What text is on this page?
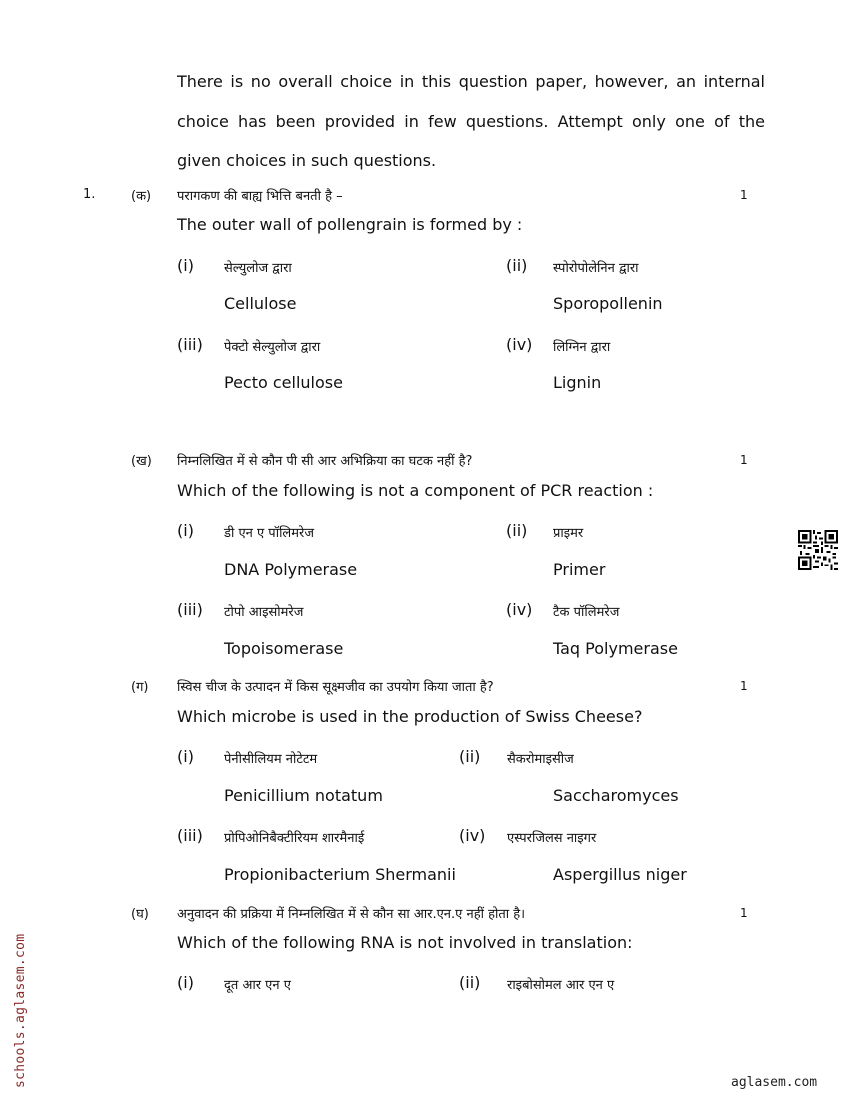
There is no overall choice in this question paper, however, an internal choice has been provided in few questions. Attempt only one of the given choices in such questions.
1.	(क) परागकण की बाह्य भित्ति बनती है –	1
The outer wall of pollengrain is formed by :
(i) सेल्युलोज द्वारा
Cellulose
(ii) स्पोरोपोलेनिन द्वारा
Sporopollenin
(iii) पेक्टो सेल्युलोज द्वारा
Pecto cellulose
(iv) लिग्निन द्वारा
Lignin
(ख) निम्नलिखित में से कौन पी सी आर अभिक्रिया का घटक नहीं है?	1
Which of the following is not a component of PCR reaction :
(i) डी एन ए पॉलिमरेज
DNA Polymerase
(ii) प्राइमर
Primer
(iii) टोपो आइसोमरेज
Topoisomerase
(iv) टैक पॉलिमरेज
Taq Polymerase
(ग) स्विस चीज के उत्पादन में किस सूक्ष्मजीव का उपयोग किया जाता है?	1
Which microbe is used in the production of Swiss Cheese?
(i) पेनीसीलियम नोटेटम
Penicillium notatum
(ii) सैकरोमाइसीज
Saccharomyces
(iii) प्रोपिओनिबैक्टीरियम शारमैनाई
Propionibacterium Shermanii
(iv) एस्परजिलस नाइगर
Aspergillus niger
(घ) अनुवादन की प्रक्रिया में निम्नलिखित में से कौन सा आर.एन.ए नहीं होता है।	1
Which of the following RNA is not involved in translation:
(i) दूत आर एन ए	(ii) राइबोसोमल आर एन ए
schools.aglasem.com	aglasem.com
